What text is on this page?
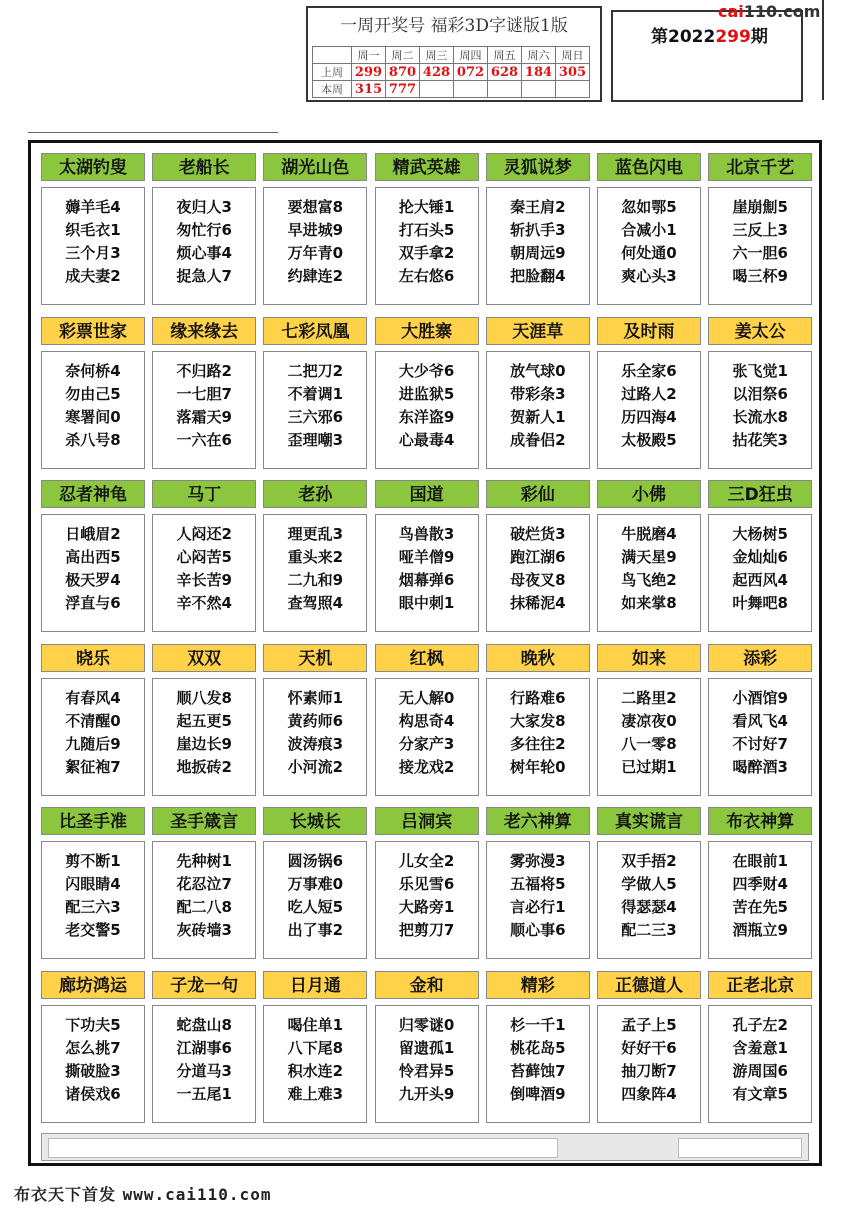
一周开奖号 福彩3D字谜版1版
	周一	周二	周三	周四	周五	周六	周日
上周	299	870	428	072	628	184	305
本周	315	777					
第2022299期
cai110.com
太湖钓叟
薅羊毛4
织毛衣1
三个月3
成夫妻2
老船长
夜归人3
匆忙行6
烦心事4
捉急人7
湖光山色
要想富8
早进城9
万年青0
约肆连2
精武英雄
抡大锤1
打石头5
双手拿2
左右悠6
灵狐说梦
秦王肩2
斩扒手3
朝周远9
把脸翻4
蓝色闪电
忽如鄂5
合减小1
何处通0
爽心头3
北京千艺
崖崩劁5
三反上3
六一胆6
喝三杯9
彩票世家
奈何桥4
勿由己5
寒署间0
杀八号8
缘来缘去
不归路2
一七胆7
落霜天9
一六在6
七彩凤凰
二把刀2
不着调1
三六邪6
歪理嘲3
大胜寨
大少爷6
进监狱5
东洋盗9
心最毒4
天涯草
放气球0
带彩条3
贺新人1
成眷侣2
及时雨
乐全家6
过路人2
历四海4
太极殿5
姜太公
张飞觉1
以泪祭6
长流水8
拈花笑3
忍者神龟
日峨眉2
高出西5
极天罗4
浮直与6
马丁
人闷还2
心闷苦5
辛长苦9
辛不然4
老孙
理更乱3
重头来2
二九和9
查驾照4
国道
鸟兽散3
哑羊僧9
烟幕弹6
眼中刺1
彩仙
破烂货3
跑江湖6
母夜叉8
抹稀泥4
小佛
牛脱磨4
满天星9
鸟飞绝2
如来掌8
三D狂虫
大杨树5
金灿灿6
起西风4
叶舞吧8
晓乐
有春风4
不清醒0
九随后9
絮征袍7
双双
顺八发8
起五更5
崖边长9
地扳砖2
天机
怀素师1
黄药师6
波涛痕3
小河流2
红枫
无人解0
构思奇4
分家产3
接龙戏2
晚秋
行路难6
大家发8
多往往2
树年轮0
如来
二路里2
凄凉夜0
八一零8
已过期1
添彩
小酒馆9
看风飞4
不讨好7
喝醉酒3
比圣手准
剪不断1
闪眼睛4
配三六3
老交警5
圣手箴言
先种树1
花忍泣7
配二八8
灰砖墙3
长城长
圆汤锅6
万事难0
吃人短5
出了事2
吕洞宾
儿女全2
乐见雪6
大路旁1
把剪刀7
老六神算
雾弥漫3
五福将5
言必行1
顺心事6
真实谎言
双手捂2
学做人5
得瑟瑟4
配二三3
布衣神算
在眼前1
四季财4
苦在先5
酒瓶立9
廊坊鸿运
下功夫5
怎么挑7
撕破脸3
诸侯戏6
子龙一句
蛇盘山8
江湖事6
分道马3
一五尾1
日月通
喝住单1
八下尾8
积水连2
难上难3
金和
归零谜0
留遗孤1
怜君异5
九开头9
精彩
杉一千1
桃花岛5
苔藓蚀7
倒啤酒9
正德道人
孟子上5
好好干6
抽刀断7
四象阵4
正老北京
孔子左2
含羞意1
游周国6
有文章5
布衣天下首发 www.cai110.com
